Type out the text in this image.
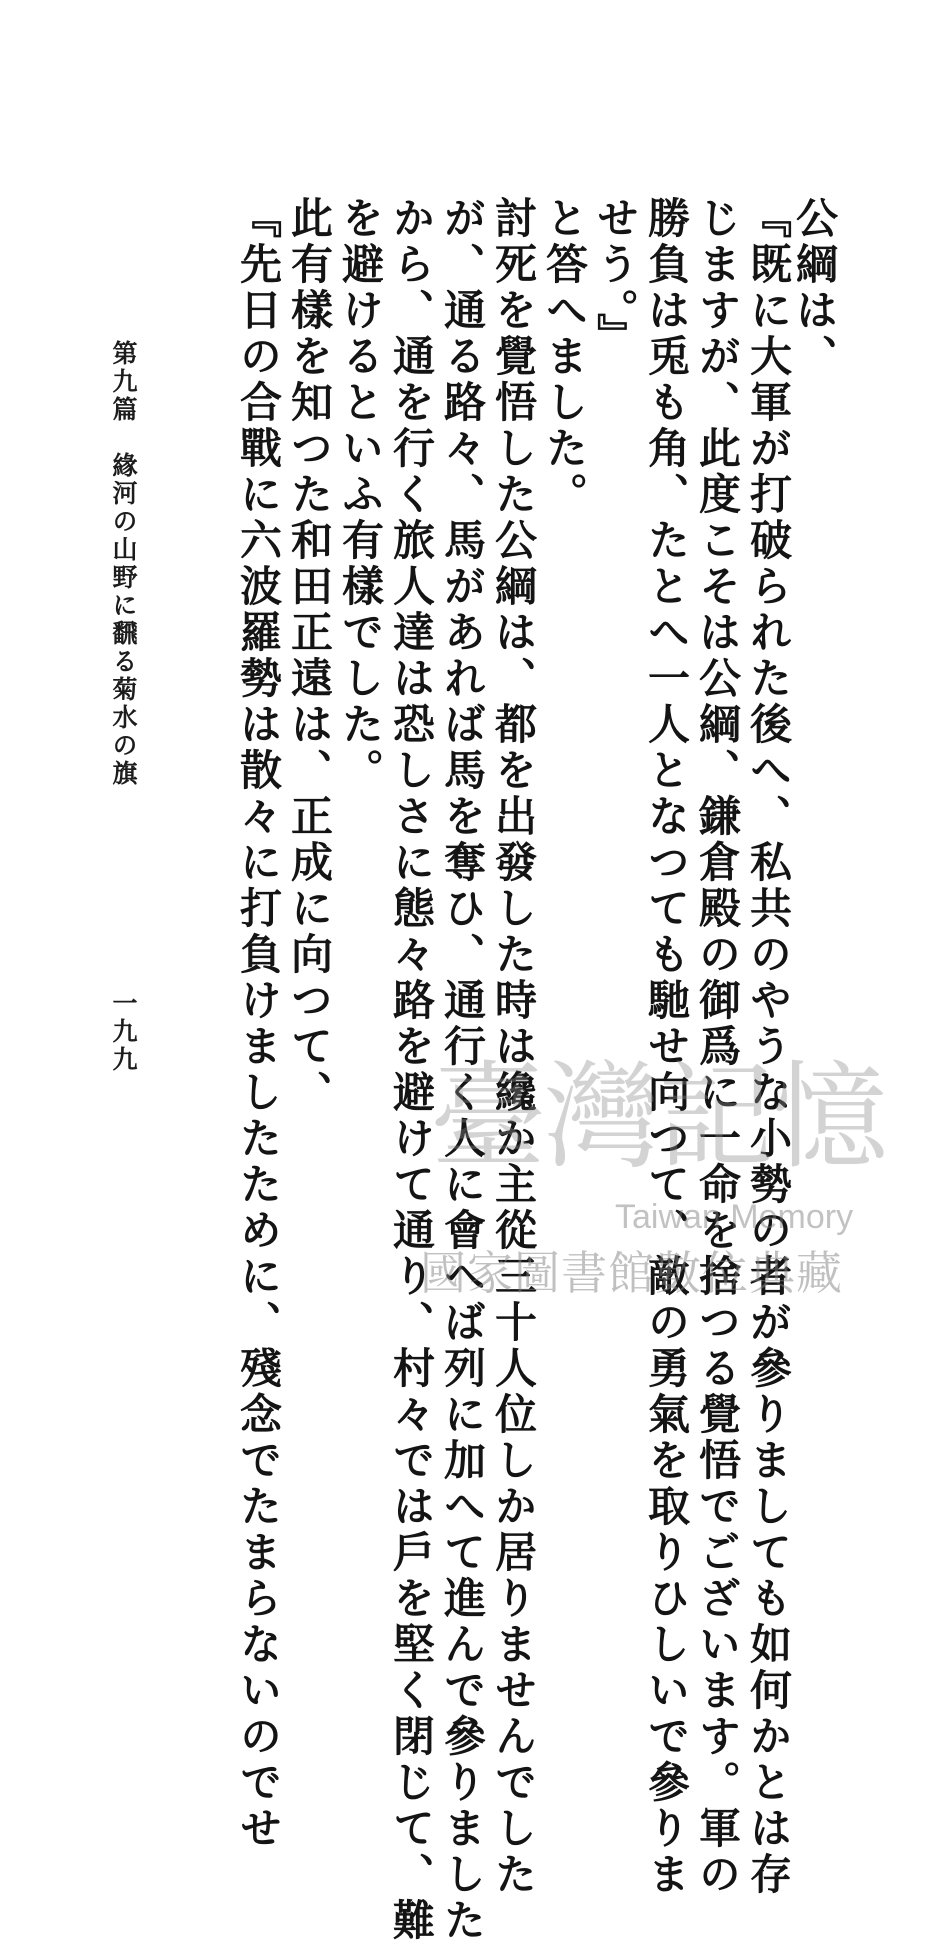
公綱は、
『既に大軍が打破られた後へ、私共のやうな小勢の者が參りましても如何かとは存
じますが、此度こそは公綱、鎌倉殿の御爲に一命を捨つる覺悟でございます。軍の
勝負は兎も角、たとへ一人となつても馳せ向つて、敵の勇氣を取りひしいで參りま
せう。』
と答へました。
討死を覺悟した公綱は、都を出發した時は纔か主從三十人位しか居りませんでした
が、通る路々、馬があれば馬を奪ひ、通行く人に會へば列に加へて進んで參りました
から、通を行く旅人達は恐しさに態々路を避けて通り、村々では戶を堅く閉じて、難
を避けるといふ有樣でした。
此有樣を知つた和田正遠は、正成に向つて、
『先日の合戰に六波羅勢は散々に打負けましたために、殘念でたまらないのでせ
第九篇　緣河の山野に飜る菊水の旗
一九九
臺灣記憶
Taiwan Memory
國家圖書館數位典藏
